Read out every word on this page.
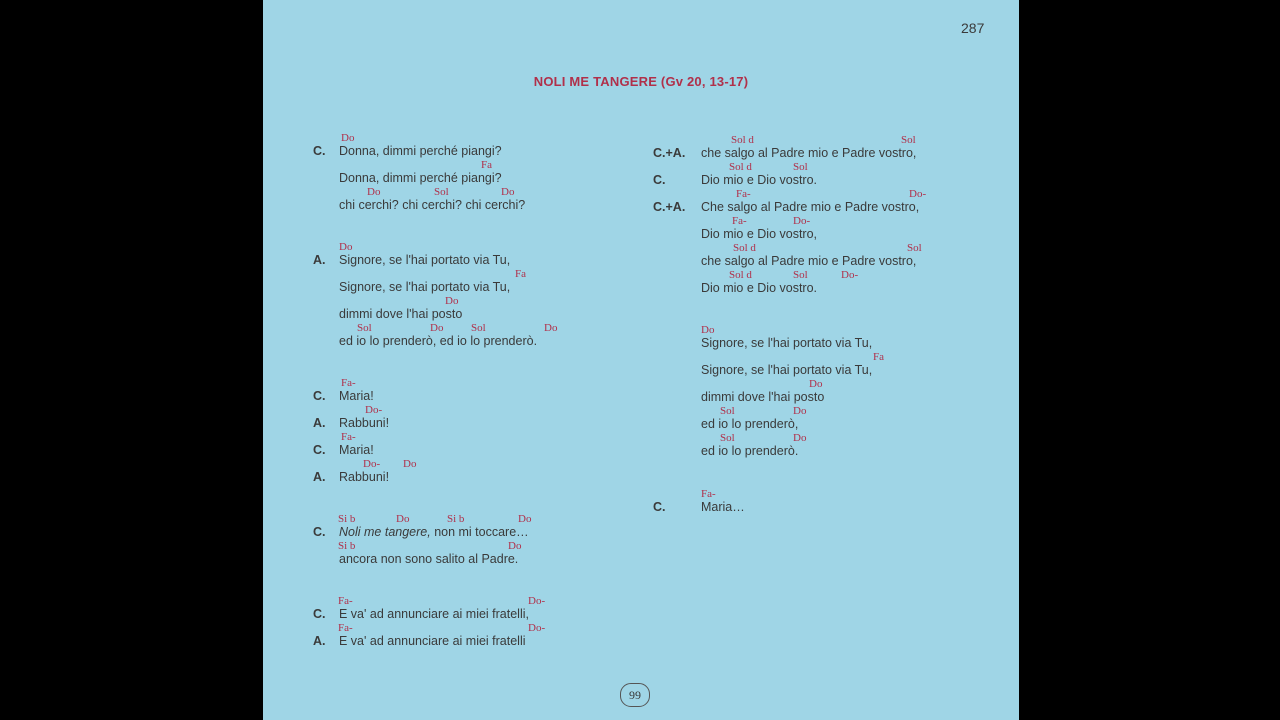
287
NOLI ME TANGERE (Gv 20, 13-17)
Do
C. Donna, dimmi perché piangi?
Fa
Donna, dimmi perché piangi?
Do	Sol	Do
chi cerchi? chi cerchi? chi cerchi?
Do
A. Signore, se l'hai portato via Tu,
Fa
Signore, se l'hai portato via Tu,
Do
dimmi dove l'hai posto
Sol	Do	Sol	Do
ed io lo prenderò, ed io lo prenderò.
Fa-
C. Maria!
Do-
A. Rabbuni!
Fa-
C. Maria!
Do- Do
A. Rabbuni!
Si b	Do	Si b	Do
C. Noli me tangere, non mi toccare…
Si b	Do
ancora non sono salito al Padre.
Fa-	Do-
C. E va' ad annunciare ai miei fratelli,
Fa-	Do-
A. E va' ad annunciare ai miei fratelli
Sol d	Sol
C.+A. che salgo al Padre mio e Padre vostro,
Sol d	Sol
C.	Dio mio e Dio vostro.
Fa-	Do-
C.+A. Che salgo al Padre mio e Padre vostro,
Fa-	Do-
Dio mio e Dio vostro,
Sol d	Sol
che salgo al Padre mio e Padre vostro,
Sol d	Sol	Do-
Dio mio e Dio vostro.
Do
Signore, se l'hai portato via Tu,
Fa
Signore, se l'hai portato via Tu,
Do
dimmi dove l'hai posto
Sol	Do
ed io lo prenderò,
Sol	Do
ed io lo prenderò.
Fa-
C.	Maria…
99
